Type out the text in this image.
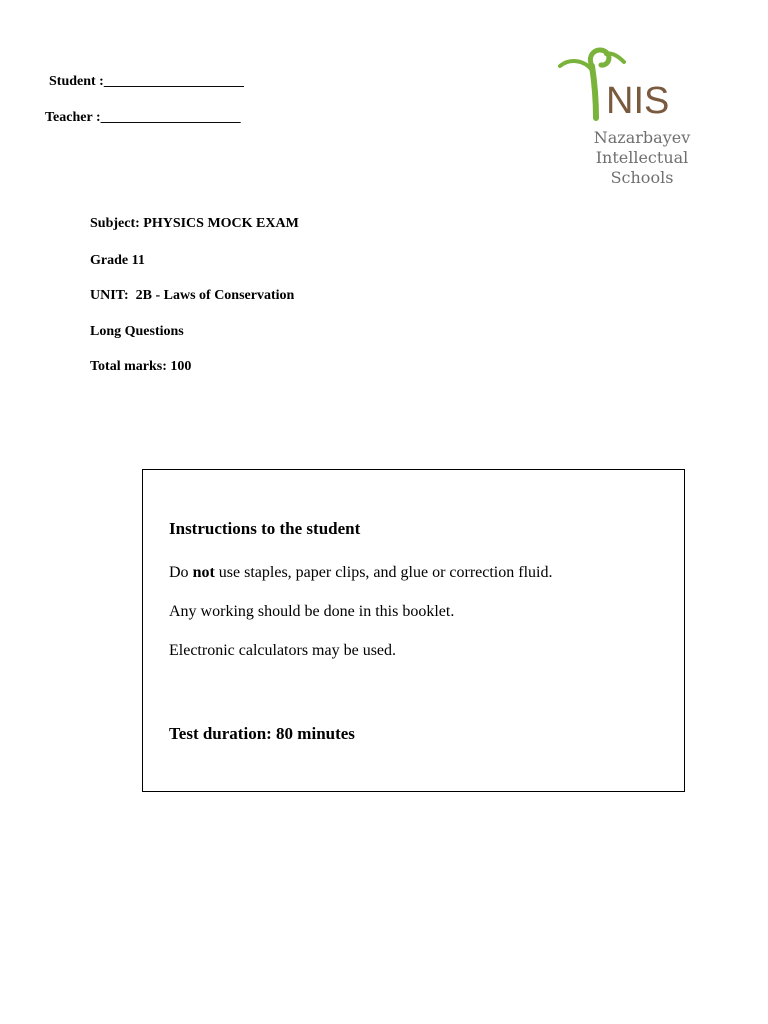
Student :____________________
Teacher :____________________	NIS
Nazarbayev
Intellectual
Schools
Subject: PHYSICS MOCK EXAM
Grade 11
UNIT:  2B - Laws of Conservation
Long Questions
Total marks: 100
Instructions to the student
Do not use staples, paper clips, and glue or correction fluid.
Any working should be done in this booklet.
Electronic calculators may be used.
Test duration: 80 minutes
